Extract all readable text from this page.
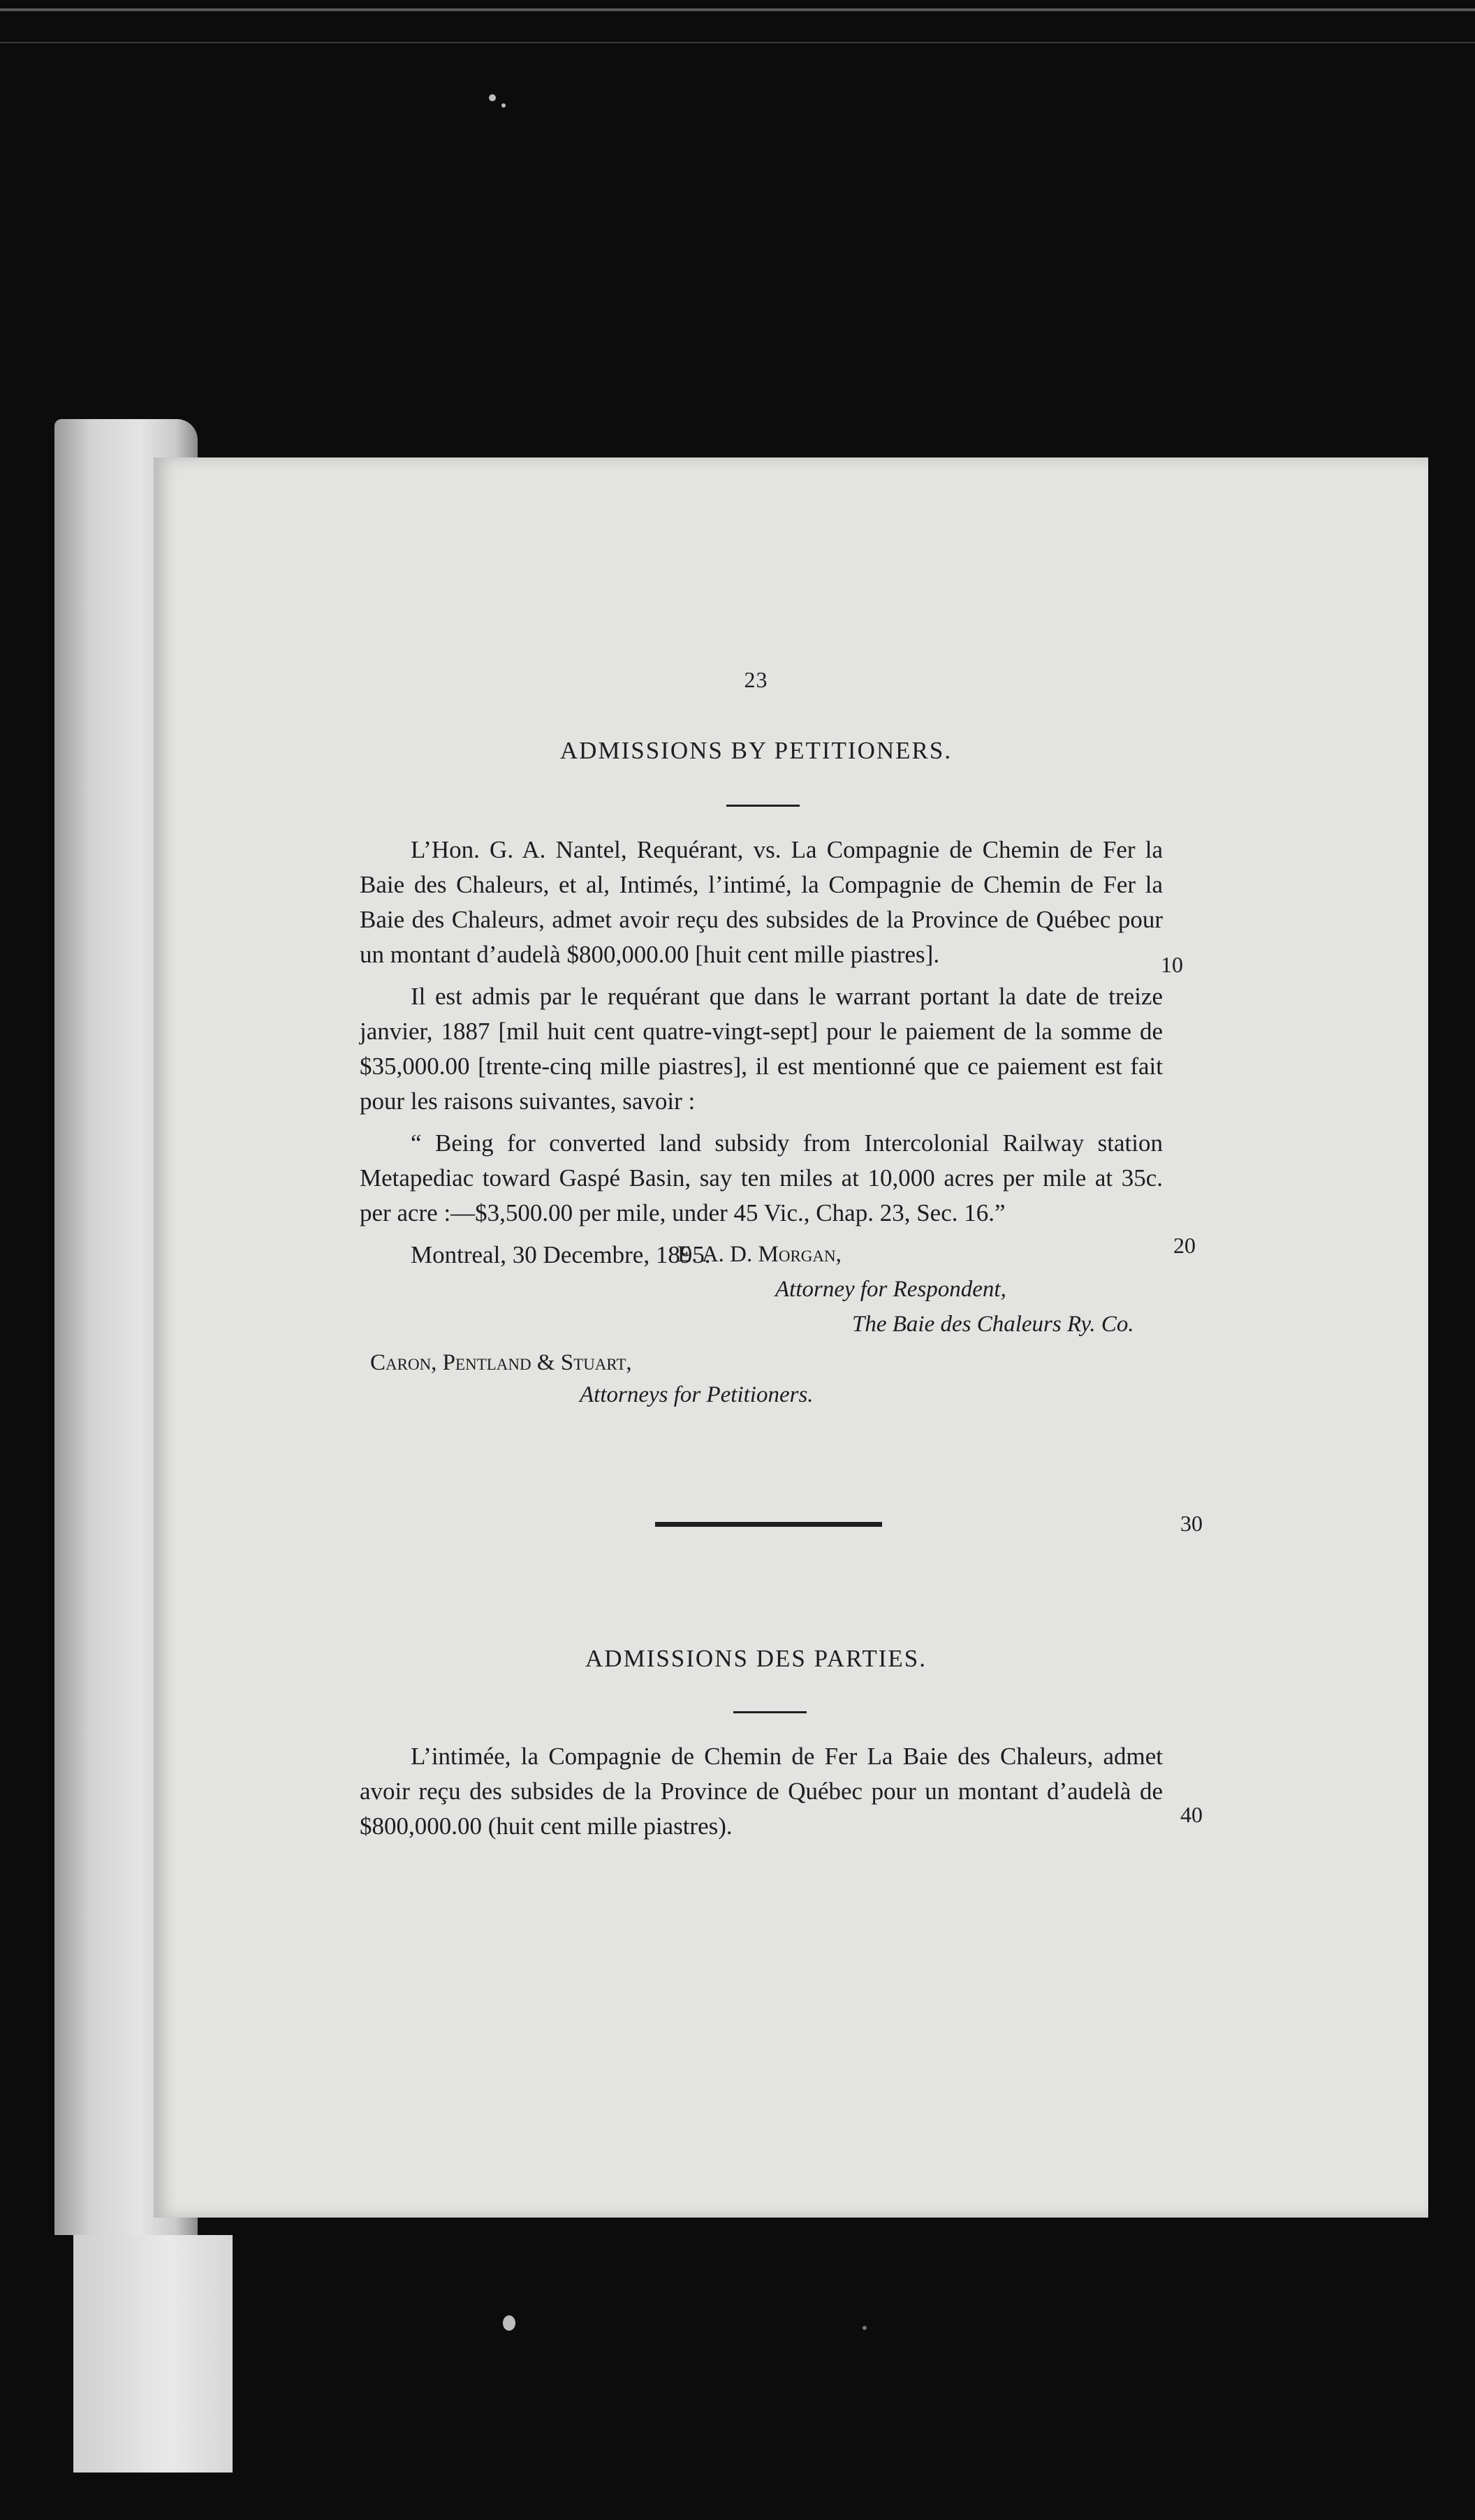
23
ADMISSIONS BY PETITIONERS.

L’Hon. G. A. Nantel, Requérant, vs. La Compagnie de Chemin de Fer la Baie des Chaleurs, et al, Intimés, l’intimé, la Compagnie de Chemin de Fer la Baie des Chaleurs, admet avoir reçu des subsides de la Province de Québec pour un montant d’audelà $800,000.00 [huit cent mille piastres].

Il est admis par le requérant que dans le warrant portant la date de treize janvier, 1887 [mil huit cent quatre-vingt-sept] pour le paiement de la somme de $35,000.00 [trente-cinq mille piastres], il est mentionné que ce paiement est fait pour les raisons suivantes, savoir :

“ Being for converted land subsidy from Intercolonial Railway station Metapediac toward Gaspé Basin, say ten miles at 10,000 acres per mile at 35c. per acre :—$3,500.00 per mile, under 45 Vic., Chap. 23, Sec. 16.”

Montreal, 30 Decembre, 1895.

10
E. A. D. Morgan,	20
Attorney for Respondent,
The Baie des Chaleurs Ry. Co.
Caron, Pentland & Stuart,
Attorneys for Petitioners.
30
ADMISSIONS DES PARTIES.

L’intimée, la Compagnie de Chemin de Fer La Baie des Chaleurs, admet avoir reçu des subsides de la Province de Québec pour un montant d’audelà de $800,000.00 (huit cent mille piastres).	40
